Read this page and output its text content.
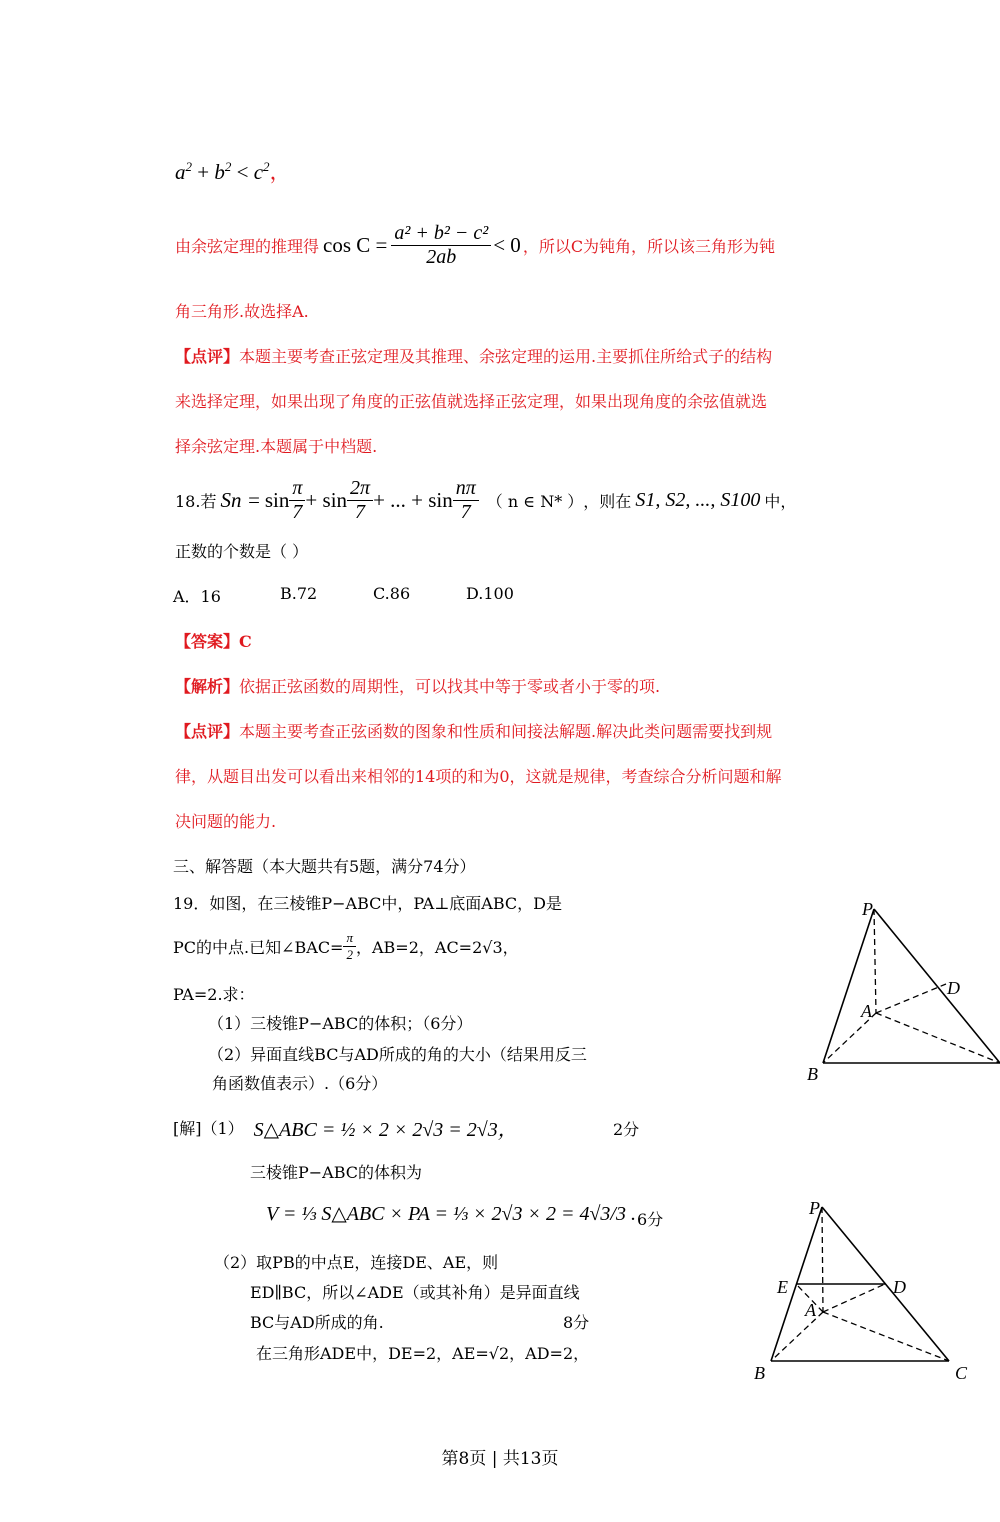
$a^2 + b^2 < c^2$，
由余弦定理的推理得 $\cos C = \frac{\text{a² + b² − c²}}{2ab} < 0$ ，所以C为钝角，所以该三角形为钝
角三角形.故选择A.
【点评】本题主要考查正弦定理及其推理、余弦定理的运用.主要抓住所给式子的结构
来选择定理，如果出现了角度的正弦值就选择正弦定理，如果出现角度的余弦值就选
择余弦定理.本题属于中档题.
18.若 $Sn = \sin \frac{\pi}{7} + \sin \frac{2\pi}{7}$ + ... + $\sin \frac{n\pi}{7}$ （ n ∈ N* ） ，则在 S1, S2, ..., S100 中，
正数的个数是（ ）
A．16	B.72	C.86	D.100
【答案】C
【解析】依据正弦函数的周期性，可以找其中等于零或者小于零的项.
【点评】本题主要考查正弦函数的图象和性质和间接法解题.解决此类问题需要找到规
律，从题目出发可以看出来相邻的14项的和为0，这就是规律，考查综合分析问题和解
决问题的能力.
三、解答题（本大题共有5题，满分74分）
19．如图，在三棱锥P−ABC中，PA⊥底面ABC，D是
PC的中点.已知∠BAC= $\frac{\pi}{2}$ ，AB=2，AC=2√3，
PA=2.求：
（1）三棱锥P−ABC的体积；（6分）
（2）异面直线BC与AD所成的角的大小（结果用反三
角函数值表示）.（6分）
P
D
A
B
[解]（1） S△ABC = ½ × 2 × 2√3 = 2√3，	2分
三棱锥P−ABC的体积为
V = ⅓ S△ABC × PA = ⅓ × 2√3 × 2 = 4√3/3 . 6分
（2）取PB的中点E，连接DE、AE，则
ED∥BC，所以∠ADE（或其补角）是异面直线
BC与AD所成的角.	8分
在三角形ADE中，DE=2，AE=√2，AD=2，
P
E	D
A
B	C
第8页 | 共13页
